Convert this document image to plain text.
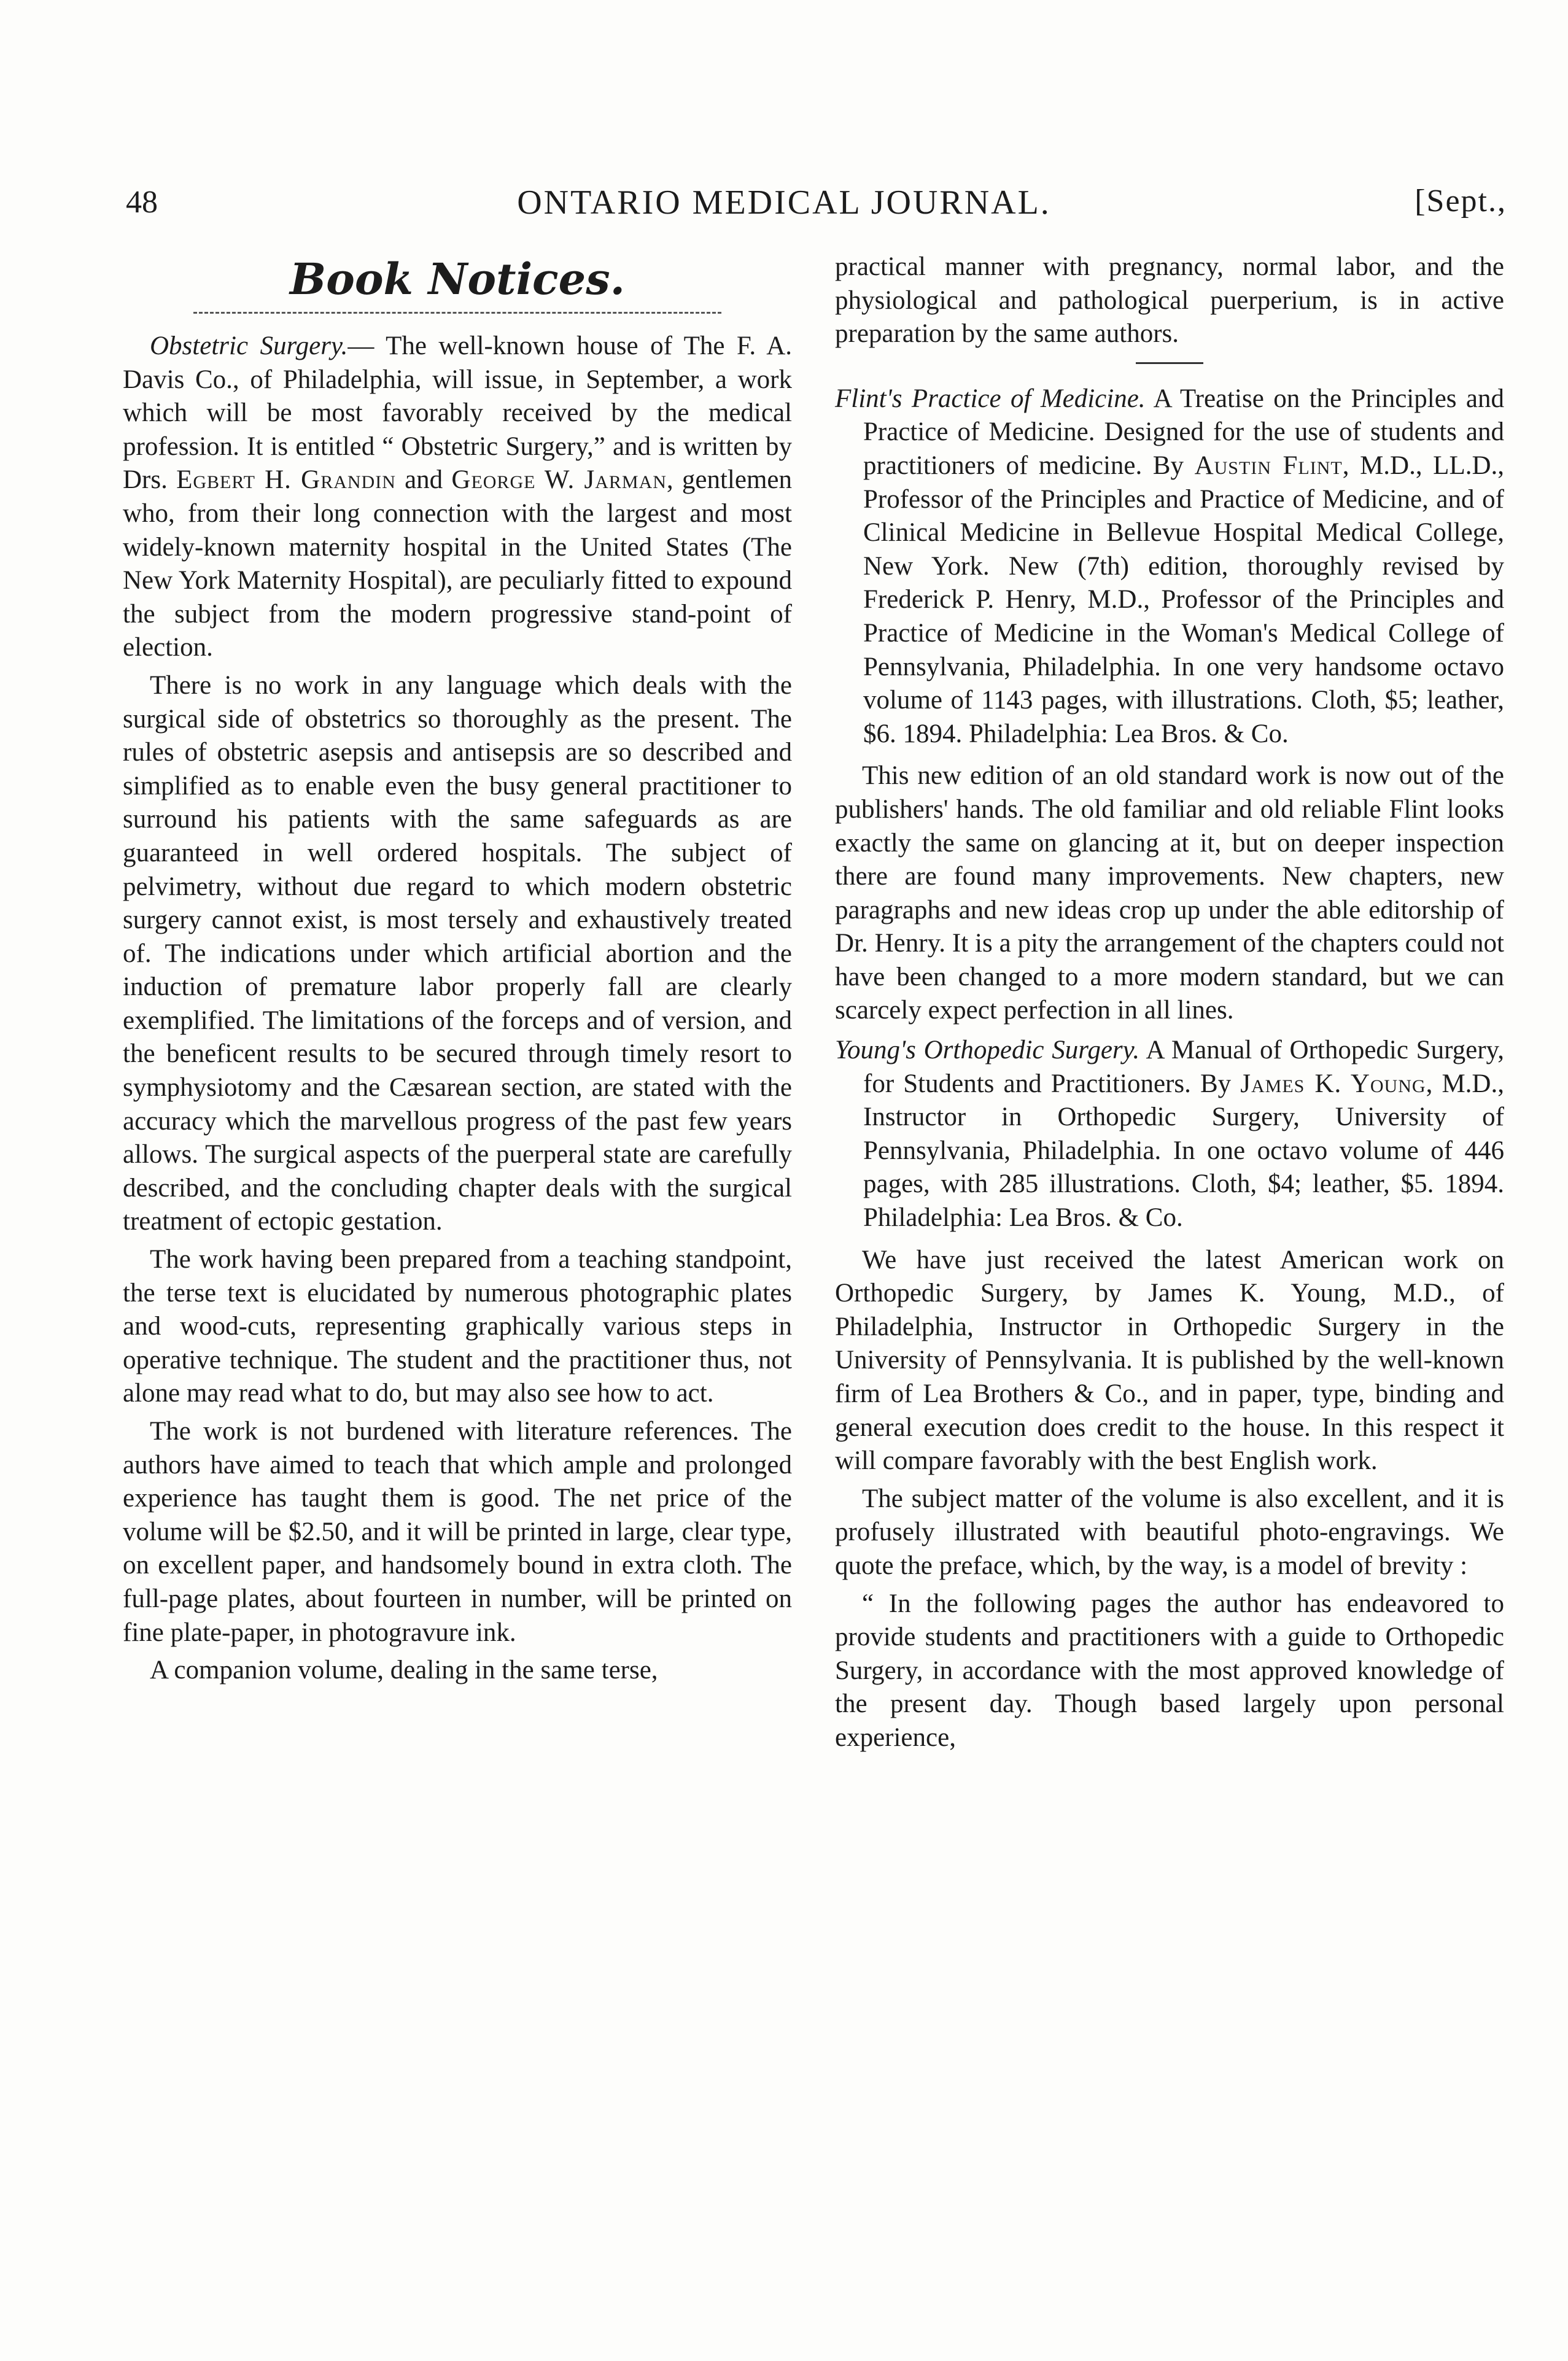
48	ONTARIO MEDICAL JOURNAL.	[Sept.,
Book Notices.

Obstetric Surgery.— The well-known house of The F. A. Davis Co., of Philadelphia, will issue, in September, a work which will be most favorably received by the medical profession. It is entitled “ Obstetric Surgery,” and is written by Drs. Egbert H. Grandin and George W. Jarman, gentlemen who, from their long connection with the largest and most widely-known maternity hospital in the United States (The New York Maternity Hospital), are peculiarly fitted to expound the subject from the modern progressive stand-point of election.

There is no work in any language which deals with the surgical side of obstetrics so thoroughly as the present. The rules of obstetric asepsis and antisepsis are so described and simplified as to enable even the busy general practitioner to surround his patients with the same safeguards as are guaranteed in well ordered hospitals. The subject of pelvimetry, without due regard to which modern obstetric surgery cannot exist, is most tersely and exhaustively treated of. The indications under which artificial abortion and the induction of premature labor properly fall are clearly exemplified. The limitations of the forceps and of version, and the beneficent results to be secured through timely resort to symphysiotomy and the Cæsarean section, are stated with the accuracy which the marvellous progress of the past few years allows. The surgical aspects of the puerperal state are carefully described, and the concluding chapter deals with the surgical treatment of ectopic gestation.

The work having been prepared from a teaching standpoint, the terse text is elucidated by numerous photographic plates and wood-cuts, representing graphically various steps in operative technique. The student and the practitioner thus, not alone may read what to do, but may also see how to act.

The work is not burdened with literature references. The authors have aimed to teach that which ample and prolonged experience has taught them is good. The net price of the volume will be $2.50, and it will be printed in large, clear type, on excellent paper, and handsomely bound in extra cloth. The full-page plates, about fourteen in number, will be printed on fine plate-paper, in photogravure ink.

A companion volume, dealing in the same terse,

practical manner with pregnancy, normal labor, and the physiological and pathological puerperium, is in active preparation by the same authors.

Flint's Practice of Medicine. A Treatise on the Principles and Practice of Medicine. Designed for the use of students and practitioners of medicine. By Austin Flint, M.D., LL.D., Professor of the Principles and Practice of Medicine, and of Clinical Medicine in Bellevue Hospital Medical College, New York. New (7th) edition, thoroughly revised by Frederick P. Henry, M.D., Professor of the Principles and Practice of Medicine in the Woman's Medical College of Pennsylvania, Philadelphia. In one very handsome octavo volume of 1143 pages, with illustrations. Cloth, $5; leather, $6. 1894. Philadelphia: Lea Bros. & Co.

This new edition of an old standard work is now out of the publishers' hands. The old familiar and old reliable Flint looks exactly the same on glancing at it, but on deeper inspection there are found many improvements. New chapters, new paragraphs and new ideas crop up under the able editorship of Dr. Henry. It is a pity the arrangement of the chapters could not have been changed to a more modern standard, but we can scarcely expect perfection in all lines.

Young's Orthopedic Surgery. A Manual of Orthopedic Surgery, for Students and Practitioners. By James K. Young, M.D., Instructor in Orthopedic Surgery, University of Pennsylvania, Philadelphia. In one octavo volume of 446 pages, with 285 illustrations. Cloth, $4; leather, $5. 1894. Philadelphia: Lea Bros. & Co.

We have just received the latest American work on Orthopedic Surgery, by James K. Young, M.D., of Philadelphia, Instructor in Orthopedic Surgery in the University of Pennsylvania. It is published by the well-known firm of Lea Brothers & Co., and in paper, type, binding and general execution does credit to the house. In this respect it will compare favorably with the best English work.

The subject matter of the volume is also excellent, and it is profusely illustrated with beautiful photo-engravings. We quote the preface, which, by the way, is a model of brevity :

“ In the following pages the author has endeavored to provide students and practitioners with a guide to Orthopedic Surgery, in accordance with the most approved knowledge of the present day. Though based largely upon personal experience,
